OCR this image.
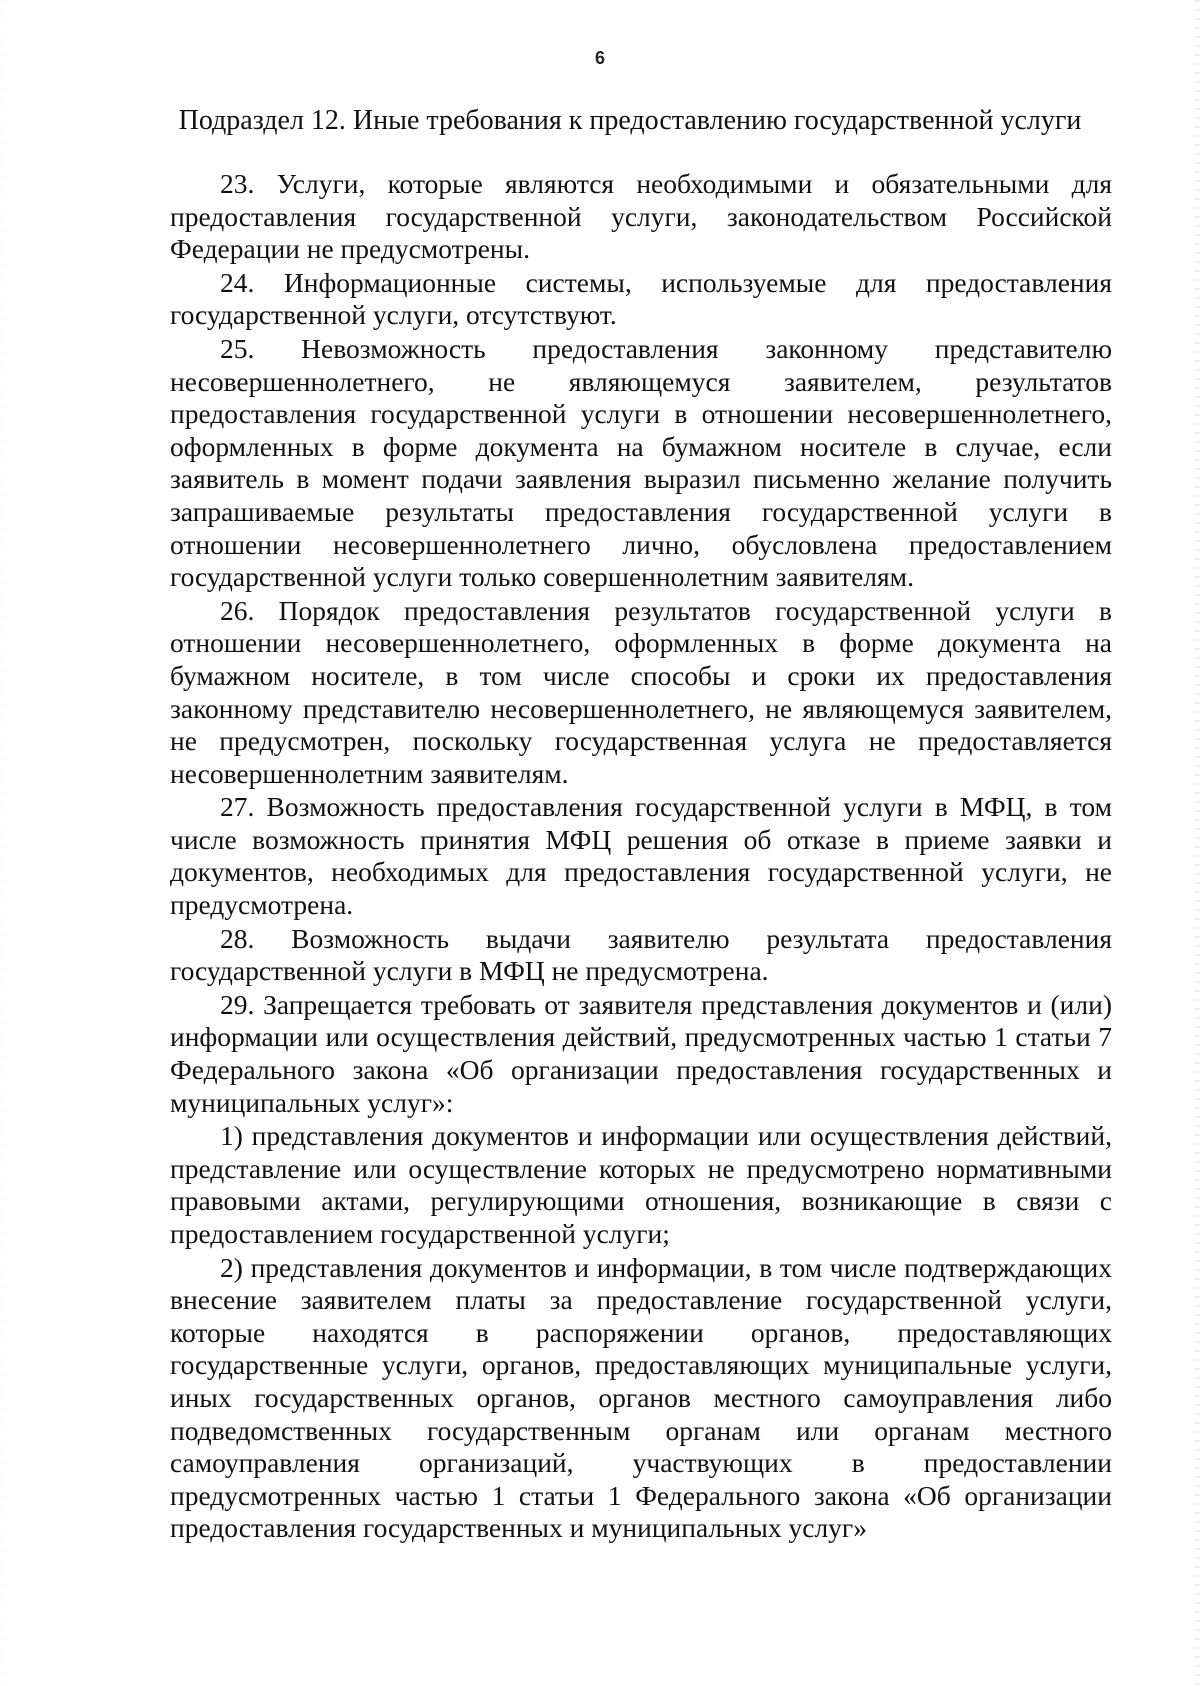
6
Подраздел 12. Иные требования к предоставлению государственной услуги

23. Услуги, которые являются необходимыми и обязательными для предоставления государственной услуги, законодательством Российской Федерации не предусмотрены.

24. Информационные системы, используемые для предоставления государственной услуги, отсутствуют.

25. Невозможность предоставления законному представителю несовершеннолетнего, не являющемуся заявителем, результатов предоставления государственной услуги в отношении несовершеннолетнего, оформленных в форме документа на бумажном носителе в случае, если заявитель в момент подачи заявления выразил письменно желание получить запрашиваемые результаты предоставления государственной услуги в отношении несовершеннолетнего лично, обусловлена предоставлением государственной услуги только совершеннолетним заявителям.

26. Порядок предоставления результатов государственной услуги в отношении несовершеннолетнего, оформленных в форме документа на бумажном носителе, в том числе способы и сроки их предоставления законному представителю несовершеннолетнего, не являющемуся заявителем, не предусмотрен, поскольку государственная услуга не предоставляется несовершеннолетним заявителям.

27. Возможность предоставления государственной услуги в МФЦ, в том числе возможность принятия МФЦ решения об отказе в приеме заявки и документов, необходимых для предоставления государственной услуги, не предусмотрена.

28. Возможность выдачи заявителю результата предоставления государственной услуги в МФЦ не предусмотрена.

29. Запрещается требовать от заявителя представления документов и (или) информации или осуществления действий, предусмотренных частью 1 статьи 7 Федерального закона «Об организации предоставления государственных и муниципальных услуг»:

1) представления документов и информации или осуществления действий, представление или осуществление которых не предусмотрено нормативными правовыми актами, регулирующими отношения, возникающие в связи с предоставлением государственной услуги;

2) представления документов и информации, в том числе подтверждающих внесение заявителем платы за предоставление государственной услуги, которые находятся в распоряжении органов, предоставляющих государственные услуги, органов, предоставляющих муниципальные услуги, иных государственных органов, органов местного самоуправления либо подведомственных государственным органам или органам местного самоуправления организаций, участвующих в предоставлении предусмотренных частью 1 статьи 1 Федерального закона «Об организации предоставления государственных и муниципальных услуг»
